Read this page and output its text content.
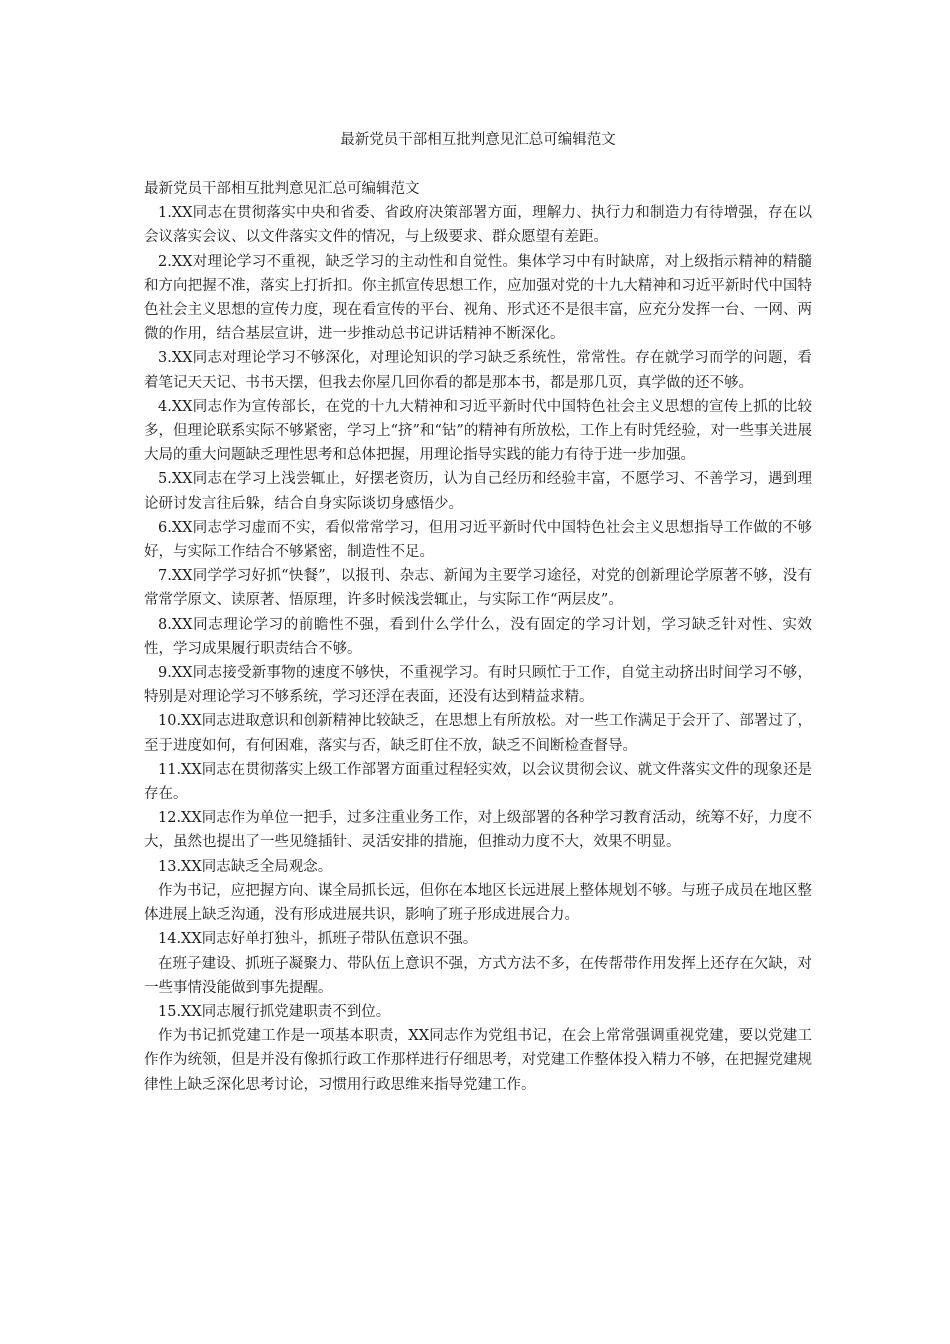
最新党员干部相互批判意见汇总可编辑范文

最新党员干部相互批判意见汇总可编辑范文

1.XX同志在贯彻落实中央和省委、省政府决策部署方面，理解力、执行力和制造力有待增强，存在以会议落实会议、以文件落实文件的情况，与上级要求、群众愿望有差距。

2.XX对理论学习不重视，缺乏学习的主动性和自觉性。集体学习中有时缺席，对上级指示精神的精髓和方向把握不准，落实上打折扣。你主抓宣传思想工作，应加强对党的十九大精神和习近平新时代中国特色社会主义思想的宣传力度，现在看宣传的平台、视角、形式还不是很丰富，应充分发挥一台、一网、两微的作用，结合基层宣讲，进一步推动总书记讲话精神不断深化。

3.XX同志对理论学习不够深化，对理论知识的学习缺乏系统性，常常性。存在就学习而学的问题，看着笔记天天记、书书天摆，但我去你屋几回你看的都是那本书，都是那几页，真学做的还不够。

4.XX同志作为宣传部长，在党的十九大精神和习近平新时代中国特色社会主义思想的宣传上抓的比较多，但理论联系实际不够紧密，学习上“挤”和“钻”的精神有所放松，工作上有时凭经验，对一些事关进展大局的重大问题缺乏理性思考和总体把握，用理论指导实践的能力有待于进一步加强。

5.XX同志在学习上浅尝辄止，好摆老资历，认为自己经历和经验丰富，不愿学习、不善学习，遇到理论研讨发言往后躲，结合自身实际谈切身感悟少。

6.XX同志学习虚而不实，看似常常学习，但用习近平新时代中国特色社会主义思想指导工作做的不够好，与实际工作结合不够紧密，制造性不足。

7.XX同学学习好抓“快餐”，以报刊、杂志、新闻为主要学习途径，对党的创新理论学原著不够，没有常常学原文、读原著、悟原理，许多时候浅尝辄止，与实际工作“两层皮”。

8.XX同志理论学习的前瞻性不强，看到什么学什么，没有固定的学习计划，学习缺乏针对性、实效性，学习成果履行职责结合不够。

9.XX同志接受新事物的速度不够快，不重视学习。有时只顾忙于工作，自觉主动挤出时间学习不够，特别是对理论学习不够系统，学习还浮在表面，还没有达到精益求精。

10.XX同志进取意识和创新精神比较缺乏，在思想上有所放松。对一些工作满足于会开了、部署过了，至于进度如何，有何困难，落实与否，缺乏盯住不放，缺乏不间断检查督导。

11.XX同志在贯彻落实上级工作部署方面重过程轻实效，以会议贯彻会议、就文件落实文件的现象还是存在。

12.XX同志作为单位一把手，过多注重业务工作，对上级部署的各种学习教育活动，统筹不好，力度不大，虽然也提出了一些见缝插针、灵活安排的措施，但推动力度不大，效果不明显。

13.XX同志缺乏全局观念。

作为书记，应把握方向、谋全局抓长远，但你在本地区长远进展上整体规划不够。与班子成员在地区整体进展上缺乏沟通，没有形成进展共识，影响了班子形成进展合力。

14.XX同志好单打独斗，抓班子带队伍意识不强。

在班子建设、抓班子凝聚力、带队伍上意识不强，方式方法不多，在传帮带作用发挥上还存在欠缺，对一些事情没能做到事先提醒。

15.XX同志履行抓党建职责不到位。

作为书记抓党建工作是一项基本职责，XX同志作为党组书记，在会上常常强调重视党建，要以党建工作作为统领，但是并没有像抓行政工作那样进行仔细思考，对党建工作整体投入精力不够，在把握党建规律性上缺乏深化思考讨论，习惯用行政思维来指导党建工作。
